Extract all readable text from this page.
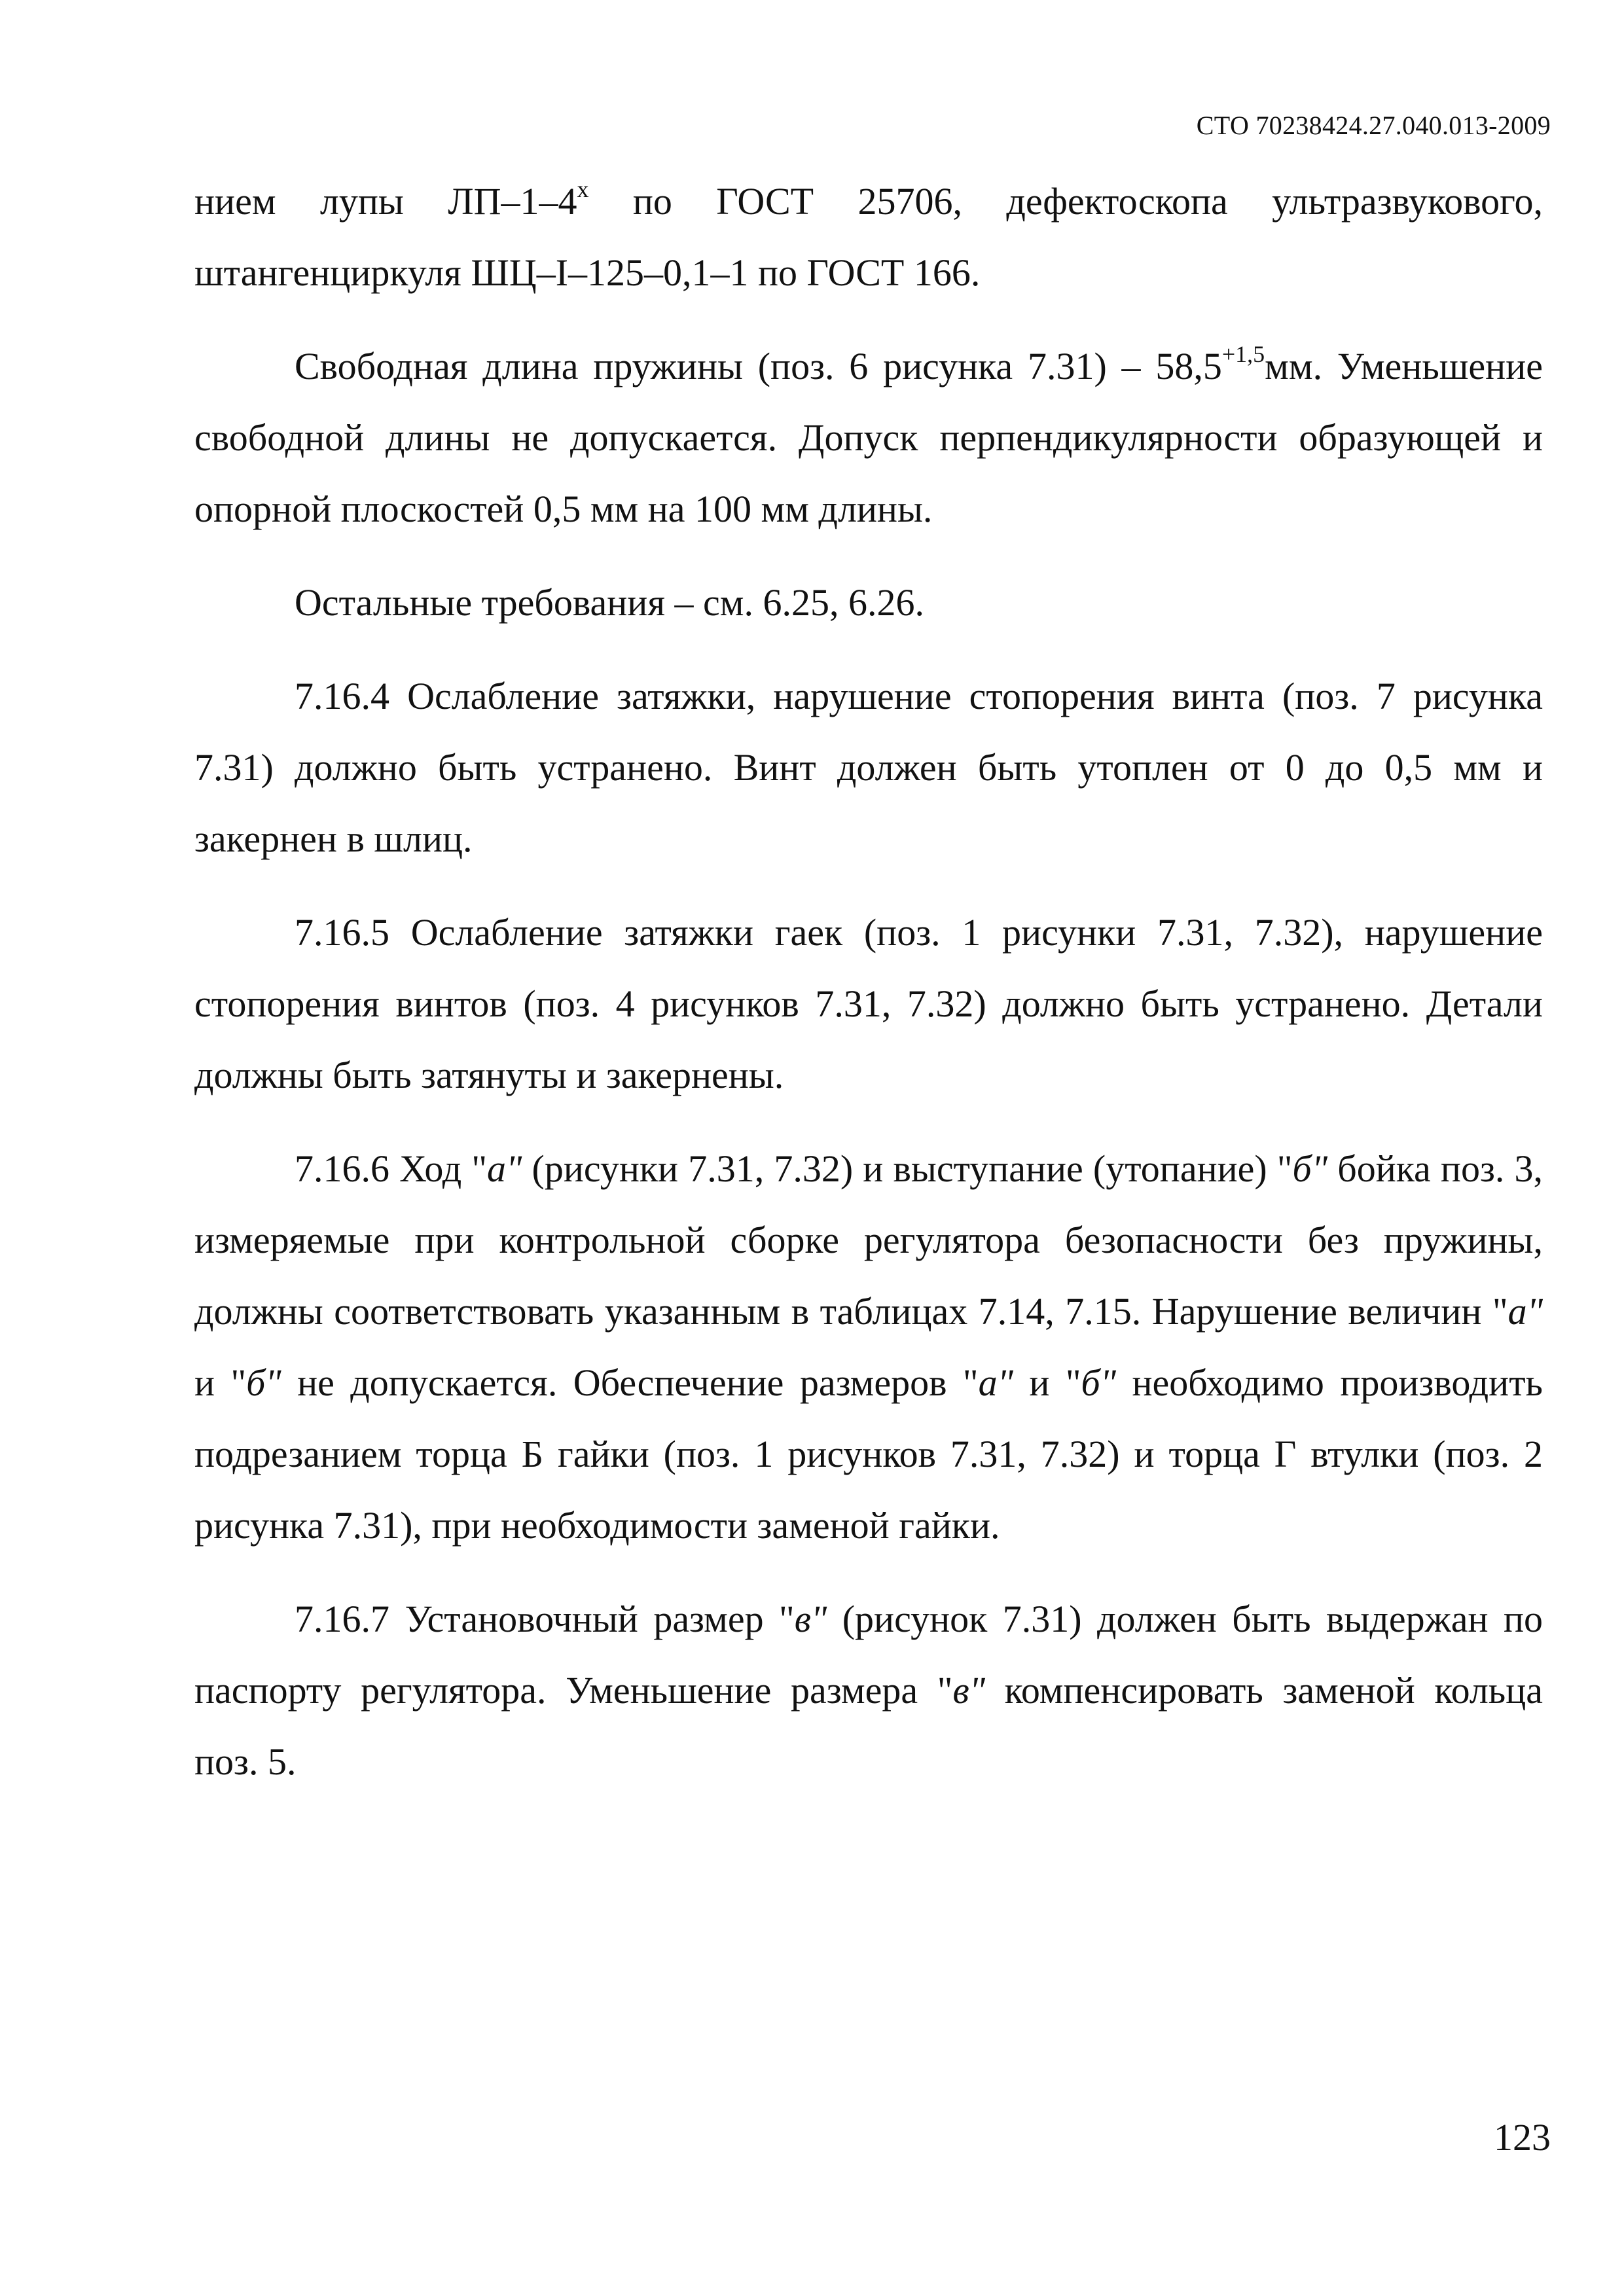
СТО 70238424.27.040.013-2009

нием лупы ЛП–1–4$^x$ по ГОСТ 25706, дефектоскопа ультразвукового, штангенциркуля ШЦ–I–125–0,1–1 по ГОСТ 166.

Свободная длина пружины (поз. 6 рисунка $7.31) - 58,5^{+1,5}мм$. Уменьшение свободной длины не допускается. Допуск перпендикулярности образующей и опорной плоскостей 0,5 мм на 100 мм длины.

Остальные требования – см. 6.25, 6.26.

7.16.4 Ослабление затяжки, нарушение стопорения винта (поз. 7 рисунка 7.31) должно быть устранено. Винт должен быть утоплен от 0 до 0,5 мм и закернен в шлиц.

7.16.5 Ослабление затяжки гаек (поз. 1 рисунки 7.31, 7.32), нарушение стопорения винтов (поз. 4 рисунков 7.31, 7.32) должно быть устранено. Детали должны быть затянуты и закернены.

7.16.6 Ход "а" (рисунки 7.31, 7.32) и выступание (утопание) "б" бойка поз. 3, измеряемые при контрольной сборке регулятора безопасности без пружины, должны соответствовать указанным в таблицах 7.14, 7.15. Нарушение величин "а" и "б" не допускается. Обеспечение размеров "а" и "б" необходимо производить подрезанием торца Б гайки (поз. 1 рисунков 7.31, 7.32) и торца Г втулки (поз. 2 рисунка 7.31), при необходимости заменой гайки.

7.16.7 Установочный размер "в" (рисунок 7.31) должен быть выдержан по паспорту регулятора. Уменьшение размера "в" компенсировать заменой кольца поз. 5.

123
